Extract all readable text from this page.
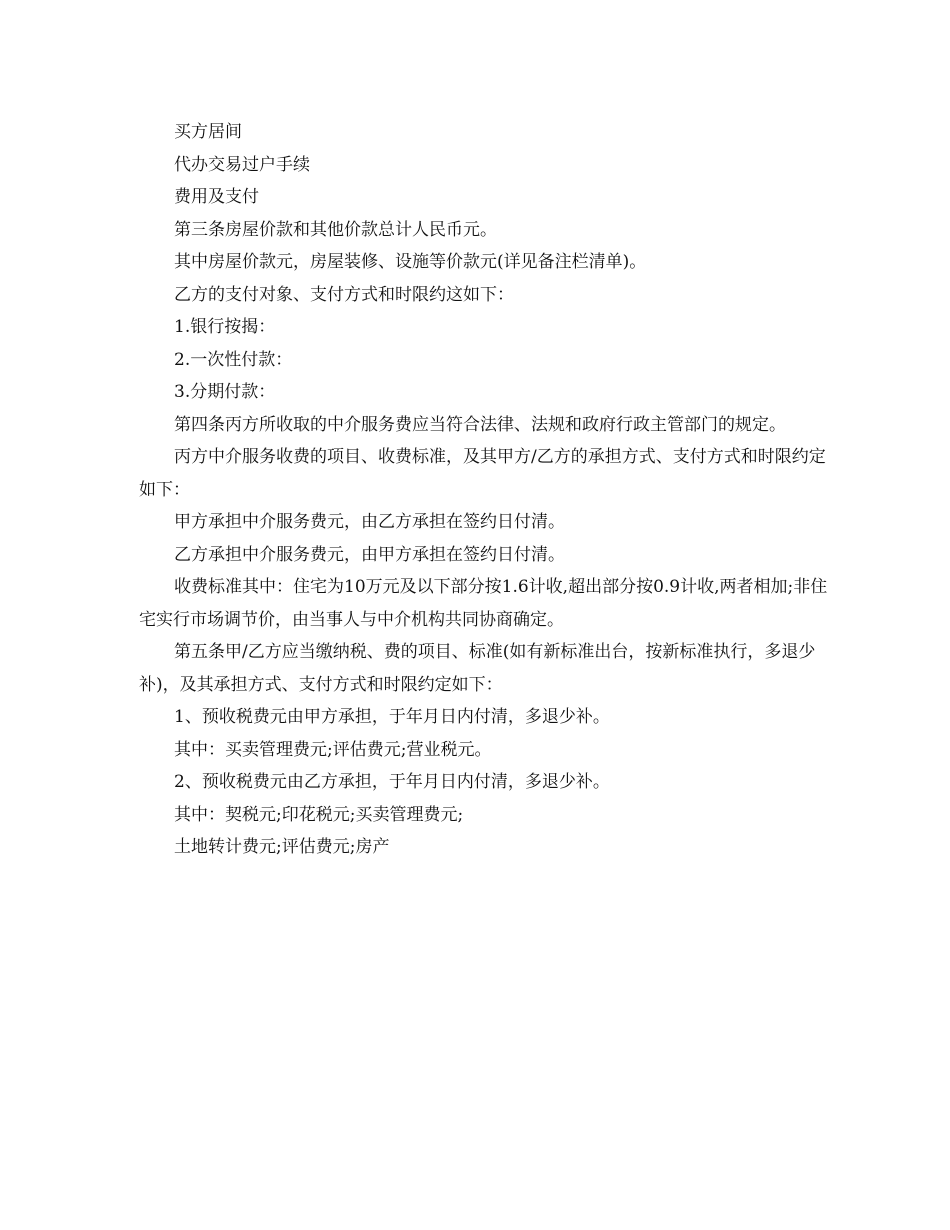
买方居间

代办交易过户手续

费用及支付

第三条房屋价款和其他价款总计人民币元。

其中房屋价款元，房屋装修、设施等价款元(详见备注栏清单)。

乙方的支付对象、支付方式和时限约这如下：

1.银行按揭：

2.一次性付款：

3.分期付款：

第四条丙方所收取的中介服务费应当符合法律、法规和政府行政主管部门的规定。

丙方中介服务收费的项目、收费标准，及其甲方/乙方的承担方式、支付方式和时限约定如下：

甲方承担中介服务费元，由乙方承担在签约日付清。

乙方承担中介服务费元，由甲方承担在签约日付清。

收费标准其中：住宅为10万元及以下部分按1.6计收,超出部分按0.9计收,两者相加;非住宅实行市场调节价，由当事人与中介机构共同协商确定。

第五条甲/乙方应当缴纳税、费的项目、标准(如有新标准出台，按新标准执行，多退少补)，及其承担方式、支付方式和时限约定如下：

1、预收税费元由甲方承担，于年月日内付清，多退少补。

其中：买卖管理费元;评估费元;营业税元。

2、预收税费元由乙方承担，于年月日内付清，多退少补。

其中：契税元;印花税元;买卖管理费元;

土地转计费元;评估费元;房产
